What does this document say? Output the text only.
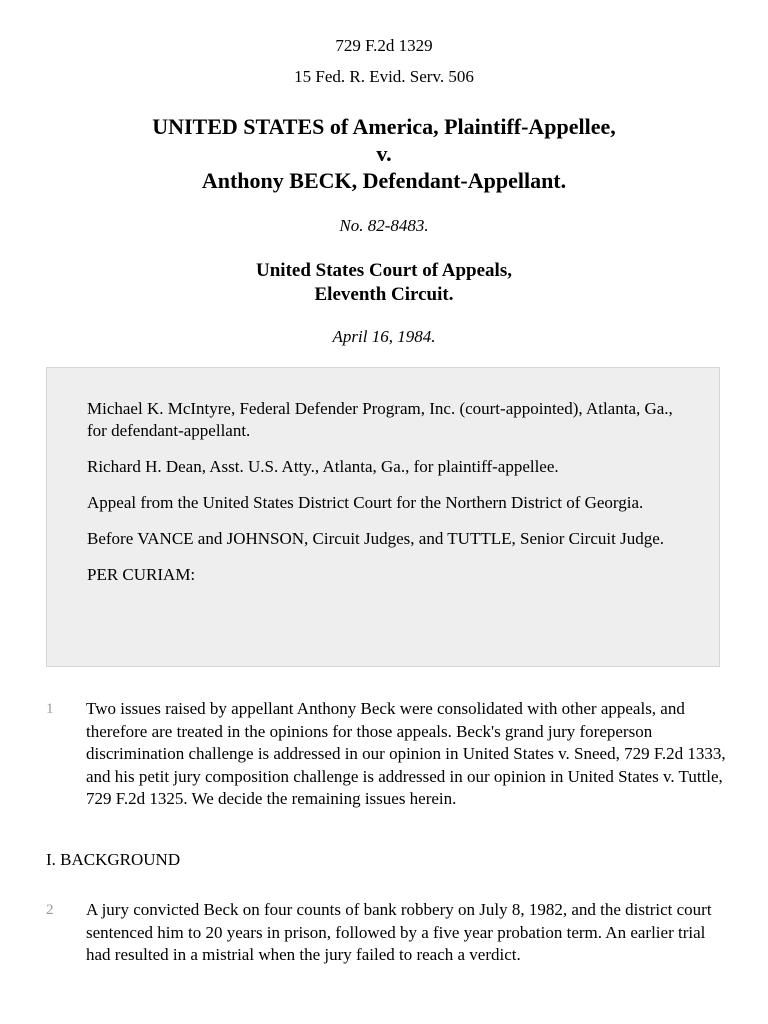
729 F.2d 1329
15 Fed. R. Evid. Serv. 506
UNITED STATES of America, Plaintiff-Appellee,
v.
Anthony BECK, Defendant-Appellant.
No. 82-8483.
United States Court of Appeals,
Eleventh Circuit.
April 16, 1984.

Michael K. McIntyre, Federal Defender Program, Inc. (court-appointed), Atlanta, Ga., for defendant-appellant.

Richard H. Dean, Asst. U.S. Atty., Atlanta, Ga., for plaintiff-appellee.

Appeal from the United States District Court for the Northern District of Georgia.

Before VANCE and JOHNSON, Circuit Judges, and TUTTLE, Senior Circuit Judge.

PER CURIAM:

1 Two issues raised by appellant Anthony Beck were consolidated with other appeals, and therefore are treated in the opinions for those appeals. Beck's grand jury foreperson discrimination challenge is addressed in our opinion in United States v. Sneed, 729 F.2d 1333, and his petit jury composition challenge is addressed in our opinion in United States v. Tuttle, 729 F.2d 1325. We decide the remaining issues herein.
I. BACKGROUND
2 A jury convicted Beck on four counts of bank robbery on July 8, 1982, and the district court sentenced him to 20 years in prison, followed by a five year probation term. An earlier trial had resulted in a mistrial when the jury failed to reach a verdict.
